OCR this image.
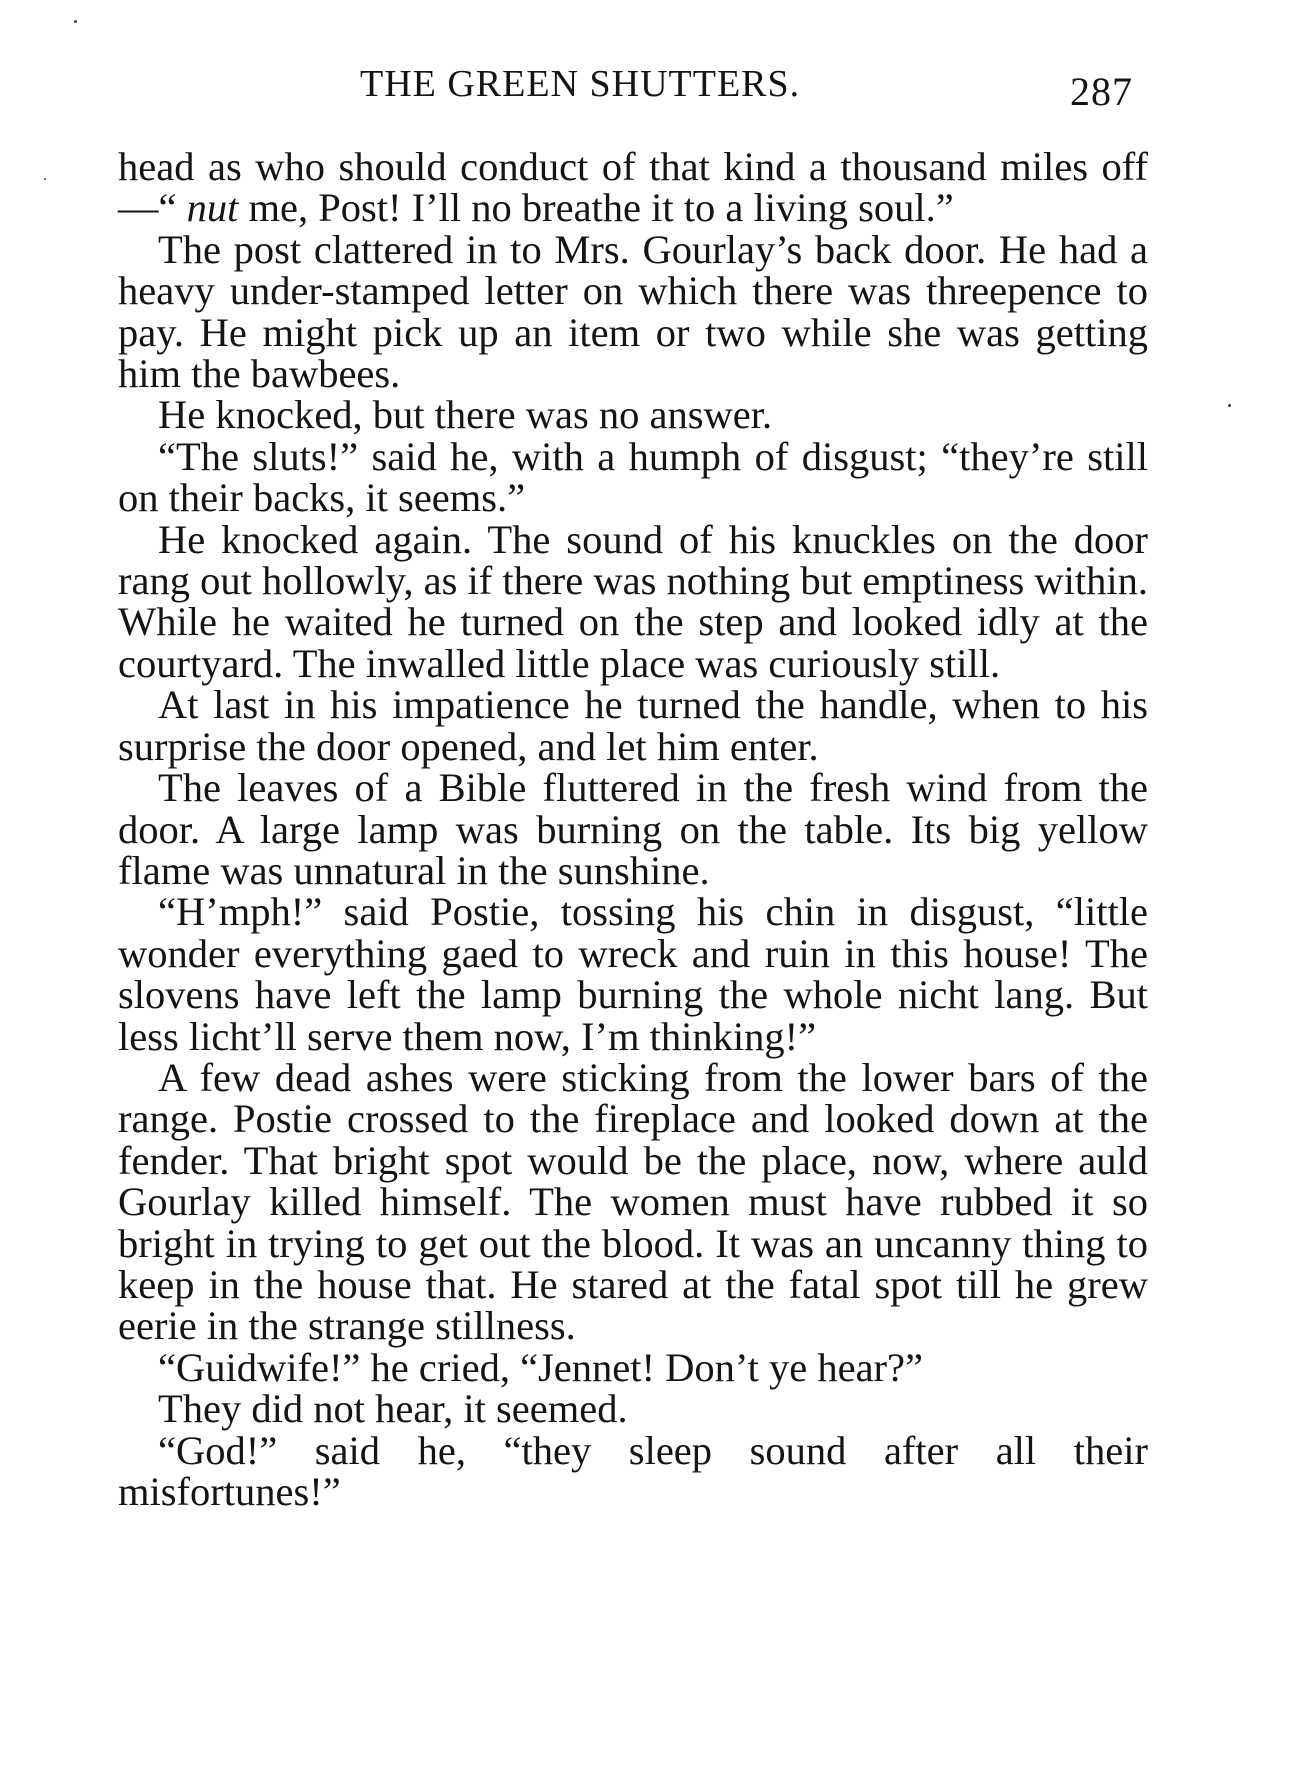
THE GREEN SHUTTERS.	287

head as who should conduct of that kind a thousand miles off—“ nut me, Post! I’ll no breathe it to a living soul.”

The post clattered in to Mrs. Gourlay’s back door. He had a heavy under-stamped letter on which there was threepence to pay. He might pick up an item or two while she was getting him the bawbees.

He knocked, but there was no answer.

“The sluts!” said he, with a humph of disgust; “they’re still on their backs, it seems.”

He knocked again. The sound of his knuckles on the door rang out hollowly, as if there was nothing but emptiness within. While he waited he turned on the step and looked idly at the courtyard. The inwalled little place was curiously still.

At last in his impatience he turned the handle, when to his surprise the door opened, and let him enter.

The leaves of a Bible fluttered in the fresh wind from the door. A large lamp was burning on the table. Its big yellow flame was unnatural in the sunshine.

“H’mph!” said Postie, tossing his chin in disgust, “little wonder everything gaed to wreck and ruin in this house! The slovens have left the lamp burning the whole nicht lang. But less licht’ll serve them now, I’m thinking!”

A few dead ashes were sticking from the lower bars of the range. Postie crossed to the fireplace and looked down at the fender. That bright spot would be the place, now, where auld Gourlay killed himself. The women must have rubbed it so bright in trying to get out the blood. It was an uncanny thing to keep in the house that. He stared at the fatal spot till he grew eerie in the strange stillness.

“Guidwife!” he cried, “Jennet! Don’t ye hear?”

They did not hear, it seemed.

“God!” said he, “they sleep sound after all their misfortunes!”
